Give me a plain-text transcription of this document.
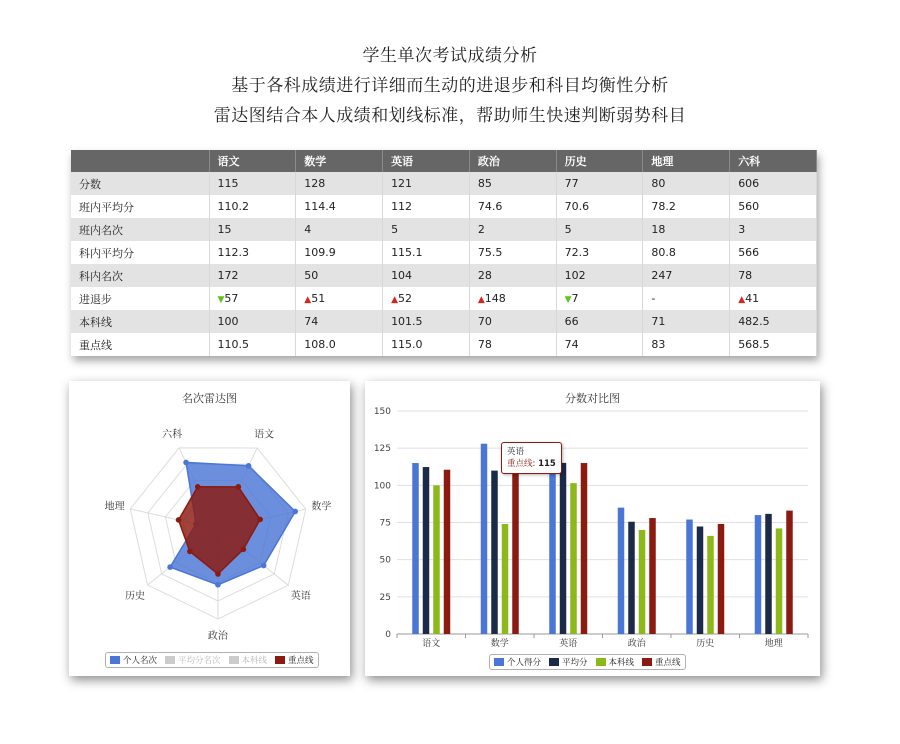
学生单次考试成绩分析
基于各科成绩进行详细而生动的进退步和科目均衡性分析
雷达图结合本人成绩和划线标准，帮助师生快速判断弱势科目
	语文	数学	英语	政治	历史	地理	六科
分数	115	128	121	85	77	80	606
班内平均分	110.2	114.4	112	74.6	70.6	78.2	560
班内名次	15	4	5	2	5	18	3
科内平均分	112.3	109.9	115.1	75.5	72.3	80.8	566
科内名次	172	50	104	28	102	247	78
进退步	▼57	▲51	▲52	▲148	▼7	-	▲41
本科线	100	74	101.5	70	66	71	482.5
重点线	110.5	108.0	115.0	78	74	83	568.5
名次雷达图
语文
数学
英语
政治
历史
地理
六科
个人名次 平均分名次 本科线 重点线
分数对比图
0
25
50
75
100
125
150
语文	数学	英语	政治	历史	地理
英语
重点线: 115
个人得分 平均分 本科线 重点线
